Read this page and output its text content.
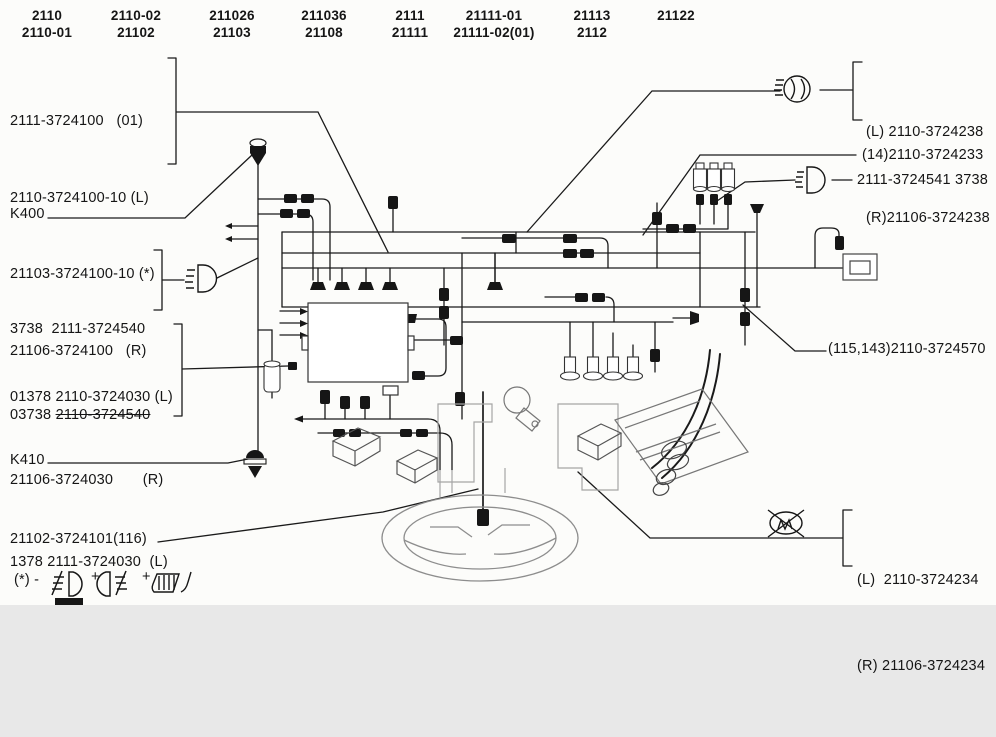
2110
2110-01
2110-02
21102
211026
21103
211036
21108
2111
21111
21111-01
21111-02(01)
21113
2112
21122

2111-3724100   (01)

2110-3724100-10 (L)

21103-3724100-10 (*)

21106-3724100   (R)

K400

3738  2111-3724540

03738 2110-3724540

01378 2110-3724030 (L)

21106-3724030       (R)

1378 2111-3724030  (L)

K410
21102-3724101(116)
(*) -	+	+

(L) 2110-3724238

(R)21106-3724238

(14)2110-3724233
2111-3724541 3738
(115,143)2110-3724570

(L)  2110-3724234

(R) 21106-3724234
